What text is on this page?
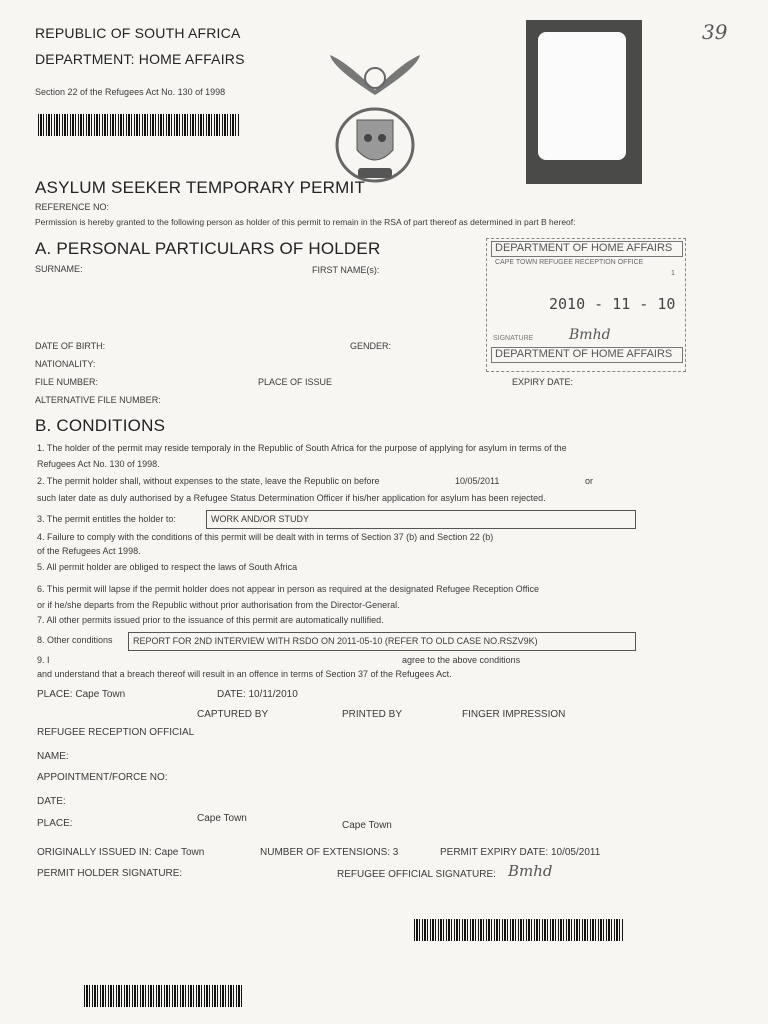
REPUBLIC OF SOUTH AFRICA
DEPARTMENT: HOME AFFAIRS
Section 22 of the Refugees Act No. 130 of 1998
39
ASYLUM SEEKER TEMPORARY PERMIT
REFERENCE NO:
Permission is hereby granted to the following person as holder of this permit to remain in the RSA of part thereof as determined in part B hereof:
A. PERSONAL PARTICULARS OF HOLDER
SURNAME:	FIRST NAME(s):
DATE OF BIRTH:	GENDER:
NATIONALITY:
FILE NUMBER:	PLACE OF ISSUE	EXPIRY DATE:
ALTERNATIVE FILE NUMBER:
DEPARTMENT OF HOME AFFAIRS
CAPE TOWN REFUGEE RECEPTION OFFICE
1
2010 - 11 - 10
SIGNATURE	Bmhd
DEPARTMENT OF HOME AFFAIRS
B. CONDITIONS
1. The holder of the permit may reside temporaly in the Republic of South Africa for the purpose of applying for asylum in terms of the
Refugees Act No. 130 of 1998.
2. The permit holder shall, without expenses to the state, leave the Republic on before	10/05/2011	or
such later date as duly authorised by a Refugee Status Determination Officer if his/her application for asylum has been rejected.
3. The permit entitles the holder to:	WORK AND/OR STUDY
4. Failure to comply with the conditions of this permit will be dealt with in terms of Section 37 (b) and Section 22 (b)
of the Refugees Act 1998.
5. All permit holder are obliged to respect the laws of South Africa
6. This permit will lapse if the permit holder does not appear in person as required at the designated Refugee Reception Office
or if he/she departs from the Republic without prior authorisation from the Director-General.
7. All other permits issued prior to the issuance of this permit are automatically nullified.
8. Other conditions REPORT FOR 2ND INTERVIEW WITH RSDO ON 2011-05-10 (REFER TO OLD CASE NO.RSZV9K)
9. I	agree to the above conditions
and understand that a breach thereof will result in an offence in terms of Section 37 of the Refugees Act.
PLACE: Cape Town	DATE: 10/11/2010
CAPTURED BY	PRINTED BY	FINGER IMPRESSION
REFUGEE RECEPTION OFFICIAL
NAME:
APPOINTMENT/FORCE NO:
DATE:
PLACE:	Cape Town
Cape Town
ORIGINALLY ISSUED IN: Cape Town	NUMBER OF EXTENSIONS: 3	PERMIT EXPIRY DATE: 10/05/2011
PERMIT HOLDER SIGNATURE:	REFUGEE OFFICIAL SIGNATURE: Bmhd
